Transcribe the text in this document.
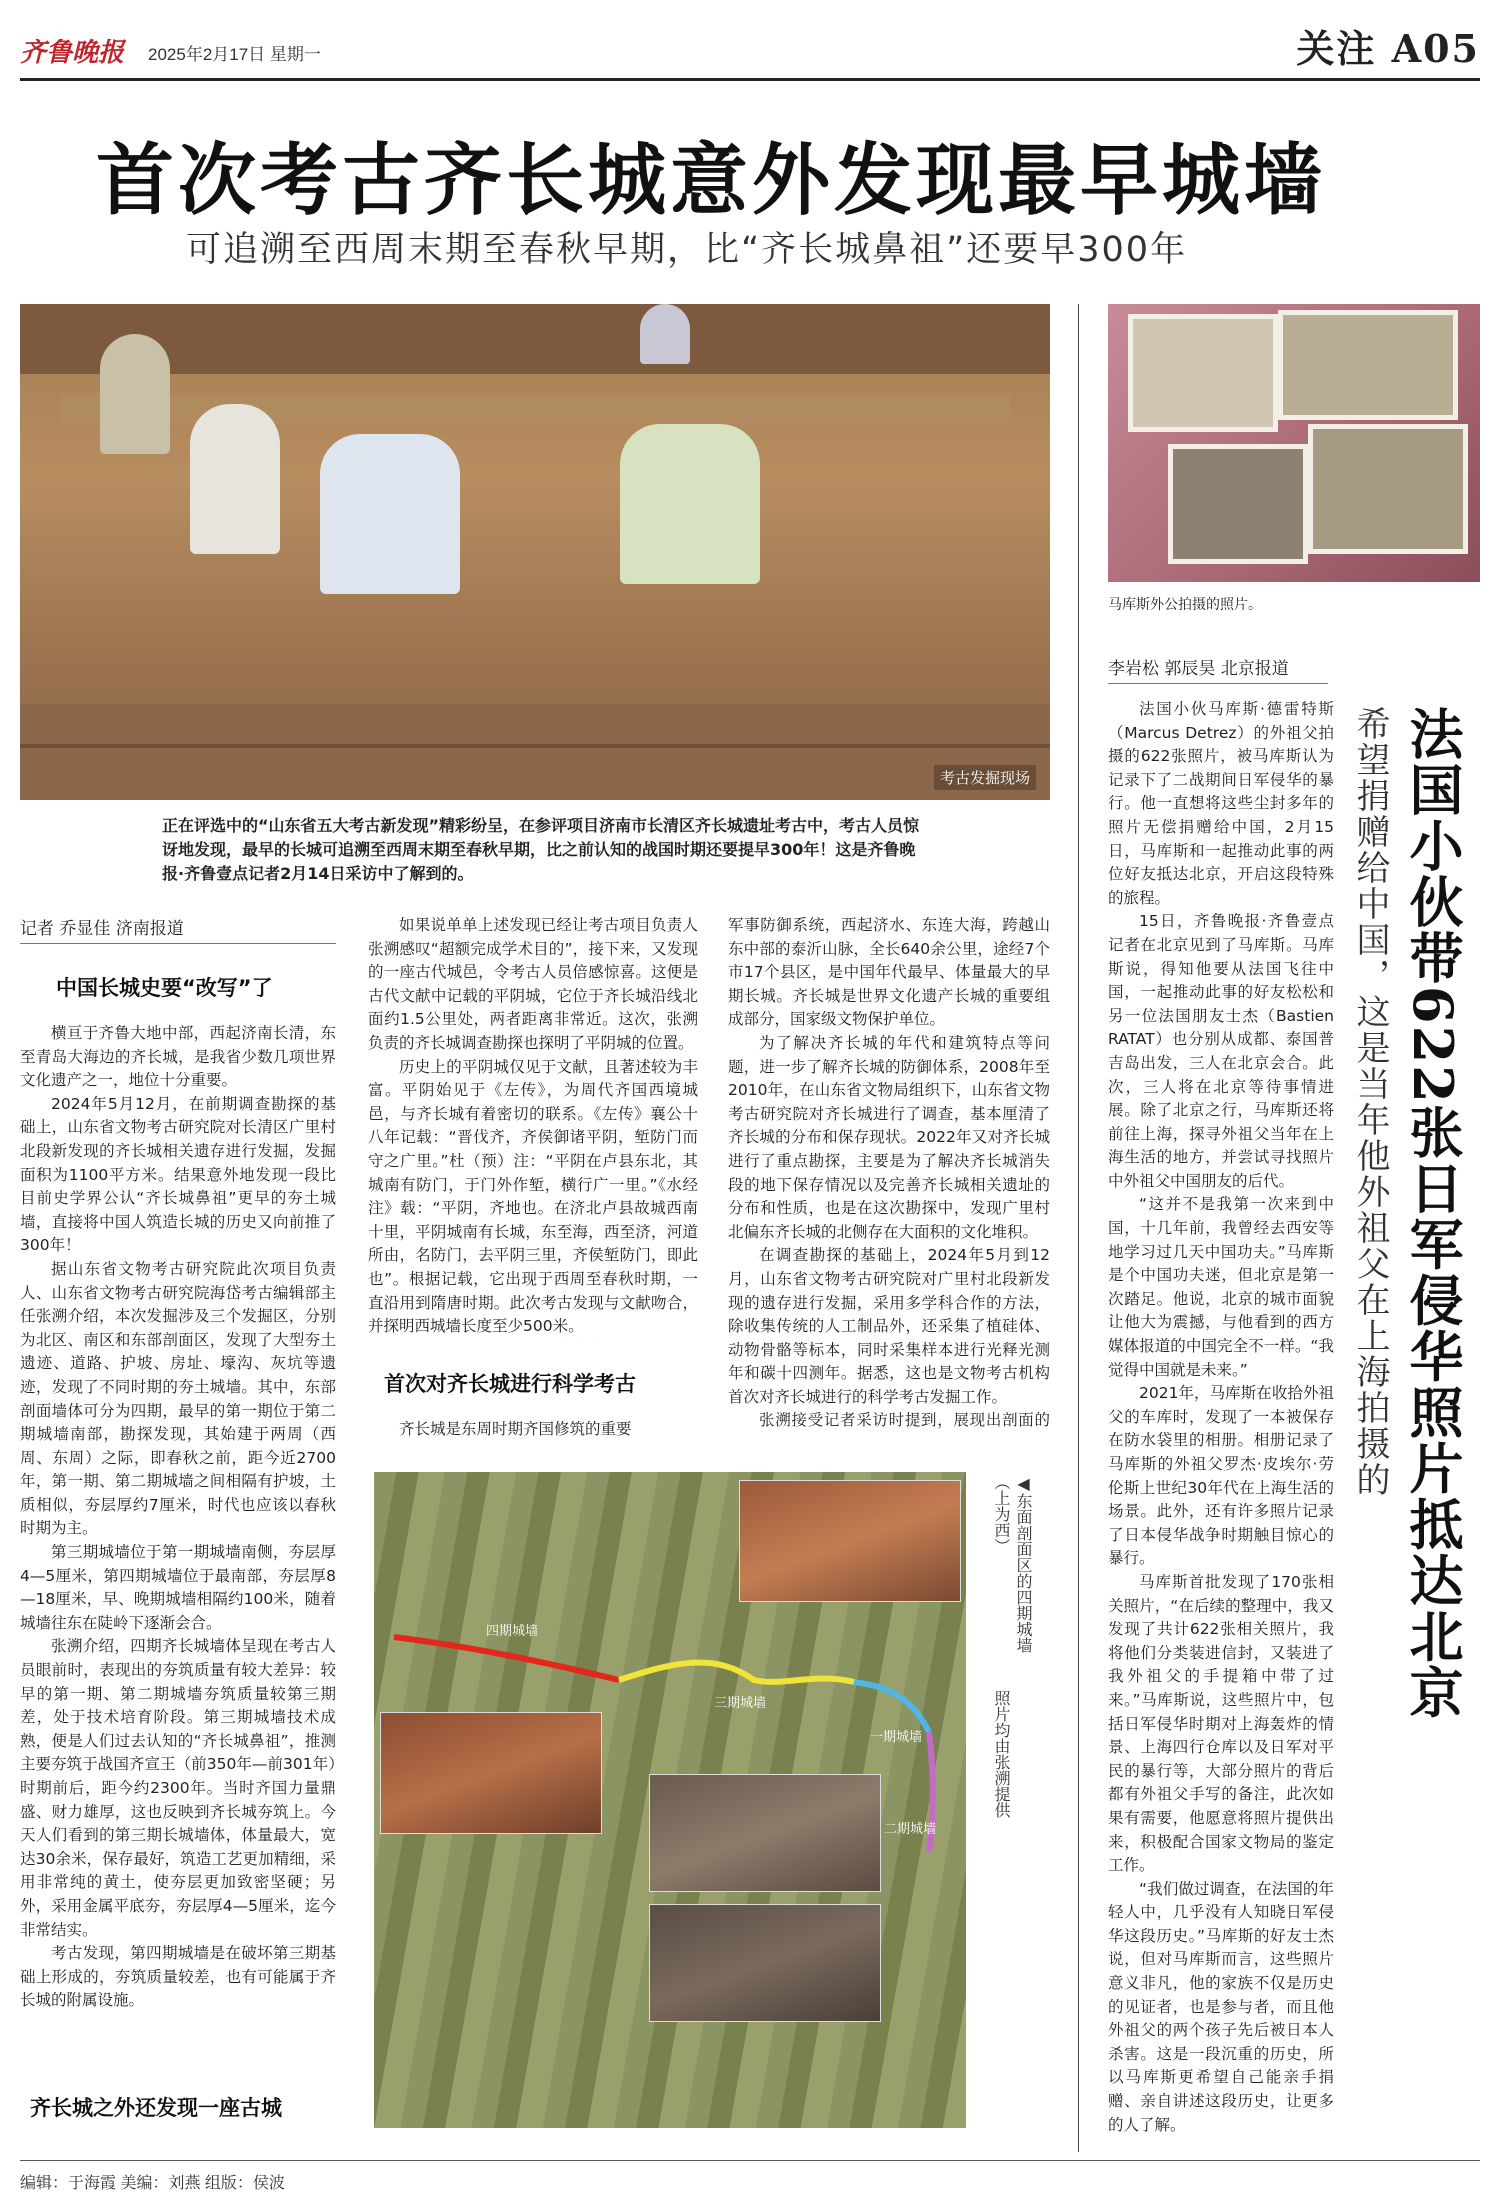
齐鲁晚报 2025年2月17日 星期一	关注 A05
首次考古齐长城意外发现最早城墙
可追溯至西周末期至春秋早期，比“齐长城鼻祖”还要早300年
考古发掘现场
正在评选中的“山东省五大考古新发现”精彩纷呈，在参评项目济南市长清区齐长城遗址考古中，考古人员惊讶地发现，最早的长城可追溯至西周末期至春秋早期，比之前认知的战国时期还要提早300年！这是齐鲁晚报·齐鲁壹点记者2月14日采访中了解到的。
记者 乔显佳 济南报道
中国长城史要“改写”了

横亘于齐鲁大地中部，西起济南长清，东至青岛大海边的齐长城，是我省少数几项世界文化遗产之一，地位十分重要。

2024年5月12月，在前期调查勘探的基础上，山东省文物考古研究院对长清区广里村北段新发现的齐长城相关遗存进行发掘，发掘面积为1100平方米。结果意外地发现一段比目前史学界公认“齐长城鼻祖”更早的夯土城墙，直接将中国人筑造长城的历史又向前推了300年！

据山东省文物考古研究院此次项目负责人、山东省文物考古研究院海岱考古编辑部主任张溯介绍，本次发掘涉及三个发掘区，分别为北区、南区和东部剖面区，发现了大型夯土遗迹、道路、护坡、房址、壕沟、灰坑等遗迹，发现了不同时期的夯土城墙。其中，东部剖面墙体可分为四期，最早的第一期位于第二期城墙南部，勘探发现，其始建于两周（西周、东周）之际，即春秋之前，距今近2700年，第一期、第二期城墙之间相隔有护坡，土质相似，夯层厚约7厘米，时代也应该以春秋时期为主。

第三期城墙位于第一期城墙南侧，夯层厚4—5厘米，第四期城墙位于最南部，夯层厚8—18厘米，早、晚期城墙相隔约100米，随着城墙往东在陡岭下逐渐会合。

张溯介绍，四期齐长城墙体呈现在考古人员眼前时，表现出的夯筑质量有较大差异：较早的第一期、第二期城墙夯筑质量较第三期差，处于技术培育阶段。第三期城墙技术成熟，便是人们过去认知的“齐长城鼻祖”，推测主要夯筑于战国齐宣王（前350年—前301年）时期前后，距今约2300年。当时齐国力量鼎盛、财力雄厚，这也反映到齐长城夯筑上。今天人们看到的第三期长城墙体，体量最大，宽达30余米，保存最好，筑造工艺更加精细，采用非常纯的黄土，使夯层更加致密坚硬；另外，采用金属平底夯，夯层厚4—5厘米，迄今非常结实。

考古发现，第四期城墙是在破坏第三期基础上形成的，夯筑质量较差，也有可能属于齐长城的附属设施。

齐长城之外还发现一座古城

如果说单单上述发现已经让考古项目负责人张溯感叹“超额完成学术目的”，接下来，又发现的一座古代城邑，令考古人员倍感惊喜。这便是古代文献中记载的平阴城，它位于齐长城沿线北面约1.5公里处，两者距离非常近。这次，张溯负责的齐长城调查勘探也探明了平阴城的位置。

历史上的平阴城仅见于文献，且著述较为丰富。平阴始见于《左传》，为周代齐国西境城邑，与齐长城有着密切的联系。《左传》襄公十八年记载：“晋伐齐，齐侯御诸平阴，堑防门而守之广里。”杜（预）注：“平阴在卢县东北，其城南有防门，于门外作堑，横行广一里。”《水经注》载：“平阴，齐地也。在济北卢县故城西南十里，平阴城南有长城，东至海，西至济，河道所由，名防门，去平阴三里，齐侯堑防门，即此也”。根据记载，它出现于西周至春秋时期，一直沿用到隋唐时期。此次考古发现与文献吻合，并探明西城墙长度至少500米。

首次对齐长城进行科学考古

齐长城是东周时期齐国修筑的重要

军事防御系统，西起济水、东连大海，跨越山东中部的泰沂山脉，全长640余公里，途经7个市17个县区，是中国年代最早、体量最大的早期长城。齐长城是世界文化遗产长城的重要组成部分，国家级文物保护单位。

为了解决齐长城的年代和建筑特点等问题，进一步了解齐长城的防御体系，2008年至2010年，在山东省文物局组织下，山东省文物考古研究院对齐长城进行了调查，基本厘清了齐长城的分布和保存现状。2022年又对齐长城进行了重点勘探，主要是为了解决齐长城消失段的地下保存情况以及完善齐长城相关遗址的分布和性质，也是在这次勘探中，发现广里村北偏东齐长城的北侧存在大面积的文化堆积。

在调查勘探的基础上，2024年5月到12月，山东省文物考古研究院对广里村北段新发现的遗存进行发掘，采用多学科合作的方法，除收集传统的人工制品外，还采集了植硅体、动物骨骼等标本，同时采集样本进行光释光测年和碳十四测年。据悉，这也是文物考古机构首次对齐长城进行的科学考古发掘工作。

张溯接受记者采访时提到，展现出剖面的

四期城墙
三期城墙
一期城墙
二期城墙
◀东面剖面区的四期城墙（上为西）
照片均由张溯提供
马库斯外公拍摄的照片。
李岩松 郭辰昊 北京报道

法国小伙马库斯·德雷特斯（Marcus Detrez）的外祖父拍摄的622张照片，被马库斯认为记录下了二战期间日军侵华的暴行。他一直想将这些尘封多年的照片无偿捐赠给中国，2月15日，马库斯和一起推动此事的两位好友抵达北京，开启这段特殊的旅程。

15日，齐鲁晚报·齐鲁壹点记者在北京见到了马库斯。马库斯说，得知他要从法国飞往中国，一起推动此事的好友松松和另一位法国朋友士杰（Bastien RATAT）也分别从成都、泰国普吉岛出发，三人在北京会合。此次，三人将在北京等待事情进展。除了北京之行，马库斯还将前往上海，探寻外祖父当年在上海生活的地方，并尝试寻找照片中外祖父中国朋友的后代。

“这并不是我第一次来到中国，十几年前，我曾经去西安等地学习过几天中国功夫。”马库斯是个中国功夫迷，但北京是第一次踏足。他说，北京的城市面貌让他大为震撼，与他看到的西方媒体报道的中国完全不一样。“我觉得中国就是未来。”

2021年，马库斯在收拾外祖父的车库时，发现了一本被保存在防水袋里的相册。相册记录了马库斯的外祖父罗杰·皮埃尔·劳伦斯上世纪30年代在上海生活的场景。此外，还有许多照片记录了日本侵华战争时期触目惊心的暴行。

马库斯首批发现了170张相关照片，“在后续的整理中，我又发现了共计622张相关照片，我将他们分类装进信封，又装进了我外祖父的手提箱中带了过来。”马库斯说，这些照片中，包括日军侵华时期对上海轰炸的情景、上海四行仓库以及日军对平民的暴行等，大部分照片的背后都有外祖父手写的备注，此次如果有需要，他愿意将照片提供出来，积极配合国家文物局的鉴定工作。

“我们做过调查，在法国的年轻人中，几乎没有人知晓日军侵华这段历史。”马库斯的好友士杰说，但对马库斯而言，这些照片意义非凡，他的家族不仅是历史的见证者，也是参与者，而且他外祖父的两个孩子先后被日本人杀害。这是一段沉重的历史，所以马库斯更希望自己能亲手捐赠、亲自讲述这段历史，让更多的人了解。

法国小伙带622张日军侵华照片抵达北京
希望捐赠给中国，这是当年他外祖父在上海拍摄的
编辑：于海霞 美编：刘燕 组版：侯波
